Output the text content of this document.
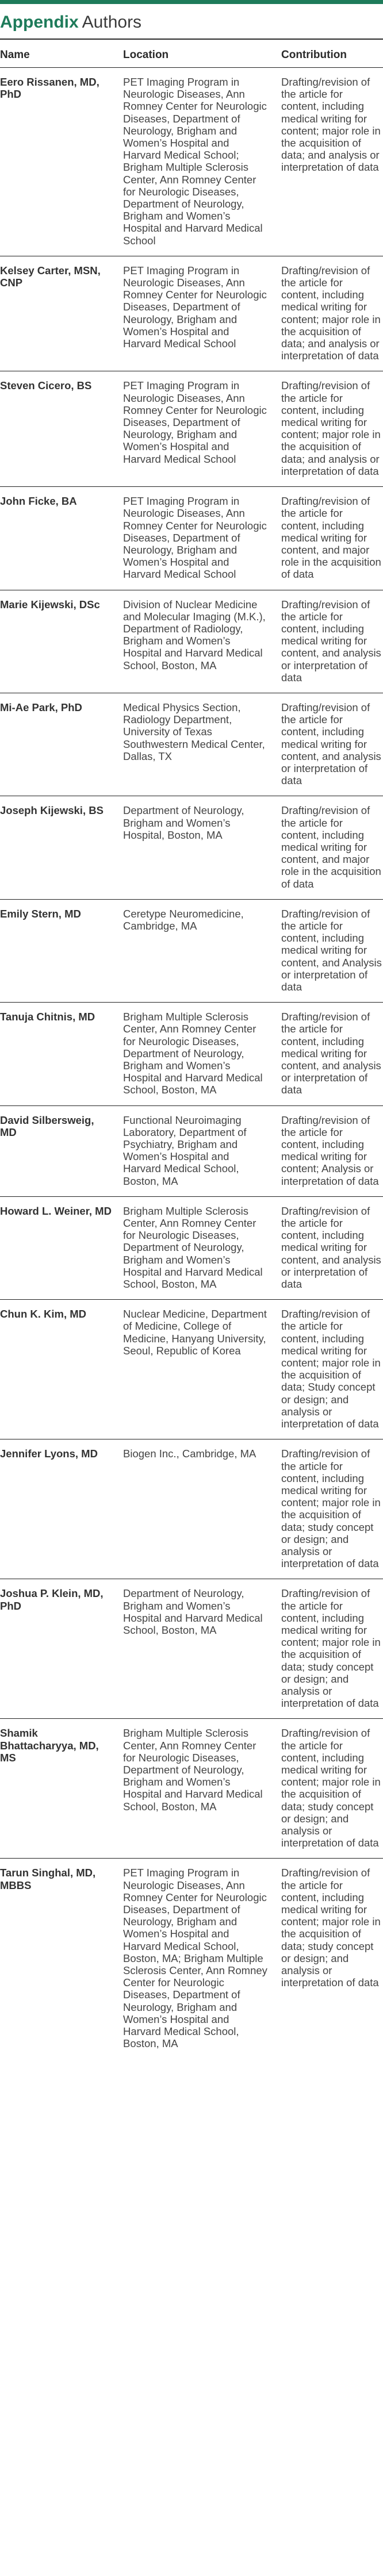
Appendix Authors
Name	Location	Contribution
Eero Rissanen, MD, PhD	PET Imaging Program in Neurologic Diseases, Ann Romney Center for Neurologic Diseases, Department of Neurology, Brigham and Women’s Hospital and Harvard Medical School; Brigham Multiple Sclerosis Center, Ann Romney Center for Neurologic Diseases, Department of Neurology, Brigham and Women’s Hospital and Harvard Medical School	Drafting/revision of the article for content, including medical writing for content; major role in the acquisition of data; and analysis or interpretation of data
Kelsey Carter, MSN, CNP	PET Imaging Program in Neurologic Diseases, Ann Romney Center for Neurologic Diseases, Department of Neurology, Brigham and Women’s Hospital and Harvard Medical School	Drafting/revision of the article for content, including medical writing for content; major role in the acquisition of data; and analysis or interpretation of data
Steven Cicero, BS	PET Imaging Program in Neurologic Diseases, Ann Romney Center for Neurologic Diseases, Department of Neurology, Brigham and Women’s Hospital and Harvard Medical School	Drafting/revision of the article for content, including medical writing for content; major role in the acquisition of data; and analysis or interpretation of data
John Ficke, BA	PET Imaging Program in Neurologic Diseases, Ann Romney Center for Neurologic Diseases, Department of Neurology, Brigham and Women’s Hospital and Harvard Medical School	Drafting/revision of the article for content, including medical writing for content, and major role in the acquisition of data
Marie Kijewski, DSc	Division of Nuclear Medicine and Molecular Imaging (M.K.), Department of Radiology, Brigham and Women’s Hospital and Harvard Medical School, Boston, MA	Drafting/revision of the article for content, including medical writing for content, and analysis or interpretation of data
Mi-Ae Park, PhD	Medical Physics Section, Radiology Department, University of Texas Southwestern Medical Center, Dallas, TX	Drafting/revision of the article for content, including medical writing for content, and analysis or interpretation of data
Joseph Kijewski, BS	Department of Neurology, Brigham and Women’s Hospital, Boston, MA	Drafting/revision of the article for content, including medical writing for content, and major role in the acquisition of data
Emily Stern, MD	Ceretype Neuromedicine, Cambridge, MA	Drafting/revision of the article for content, including medical writing for content, and Analysis or interpretation of data
Tanuja Chitnis, MD	Brigham Multiple Sclerosis Center, Ann Romney Center for Neurologic Diseases, Department of Neurology, Brigham and Women’s Hospital and Harvard Medical School, Boston, MA	Drafting/revision of the article for content, including medical writing for content, and analysis or interpretation of data
David Silbersweig, MD	Functional Neuroimaging Laboratory, Department of Psychiatry, Brigham and Women’s Hospital and Harvard Medical School, Boston, MA	Drafting/revision of the article for content, including medical writing for content; Analysis or interpretation of data
Howard L. Weiner, MD	Brigham Multiple Sclerosis Center, Ann Romney Center for Neurologic Diseases, Department of Neurology, Brigham and Women’s Hospital and Harvard Medical School, Boston, MA	Drafting/revision of the article for content, including medical writing for content, and analysis or interpretation of data
Chun K. Kim, MD	Nuclear Medicine, Department of Medicine, College of Medicine, Hanyang University, Seoul, Republic of Korea	Drafting/revision of the article for content, including medical writing for content; major role in the acquisition of data; Study concept or design; and analysis or interpretation of data
Jennifer Lyons, MD	Biogen Inc., Cambridge, MA	Drafting/revision of the article for content, including medical writing for content; major role in the acquisition of data; study concept or design; and analysis or interpretation of data
Joshua P. Klein, MD, PhD	Department of Neurology, Brigham and Women’s Hospital and Harvard Medical School, Boston, MA	Drafting/revision of the article for content, including medical writing for content; major role in the acquisition of data; study concept or design; and analysis or interpretation of data
Shamik Bhattacharyya, MD, MS	Brigham Multiple Sclerosis Center, Ann Romney Center for Neurologic Diseases, Department of Neurology, Brigham and Women’s Hospital and Harvard Medical School, Boston, MA	Drafting/revision of the article for content, including medical writing for content; major role in the acquisition of data; study concept or design; and analysis or interpretation of data
Tarun Singhal, MD, MBBS	PET Imaging Program in Neurologic Diseases, Ann Romney Center for Neurologic Diseases, Department of Neurology, Brigham and Women’s Hospital and Harvard Medical School, Boston, MA; Brigham Multiple Sclerosis Center, Ann Romney Center for Neurologic Diseases, Department of Neurology, Brigham and Women’s Hospital and Harvard Medical School, Boston, MA	Drafting/revision of the article for content, including medical writing for content; major role in the acquisition of data; study concept or design; and analysis or interpretation of data
